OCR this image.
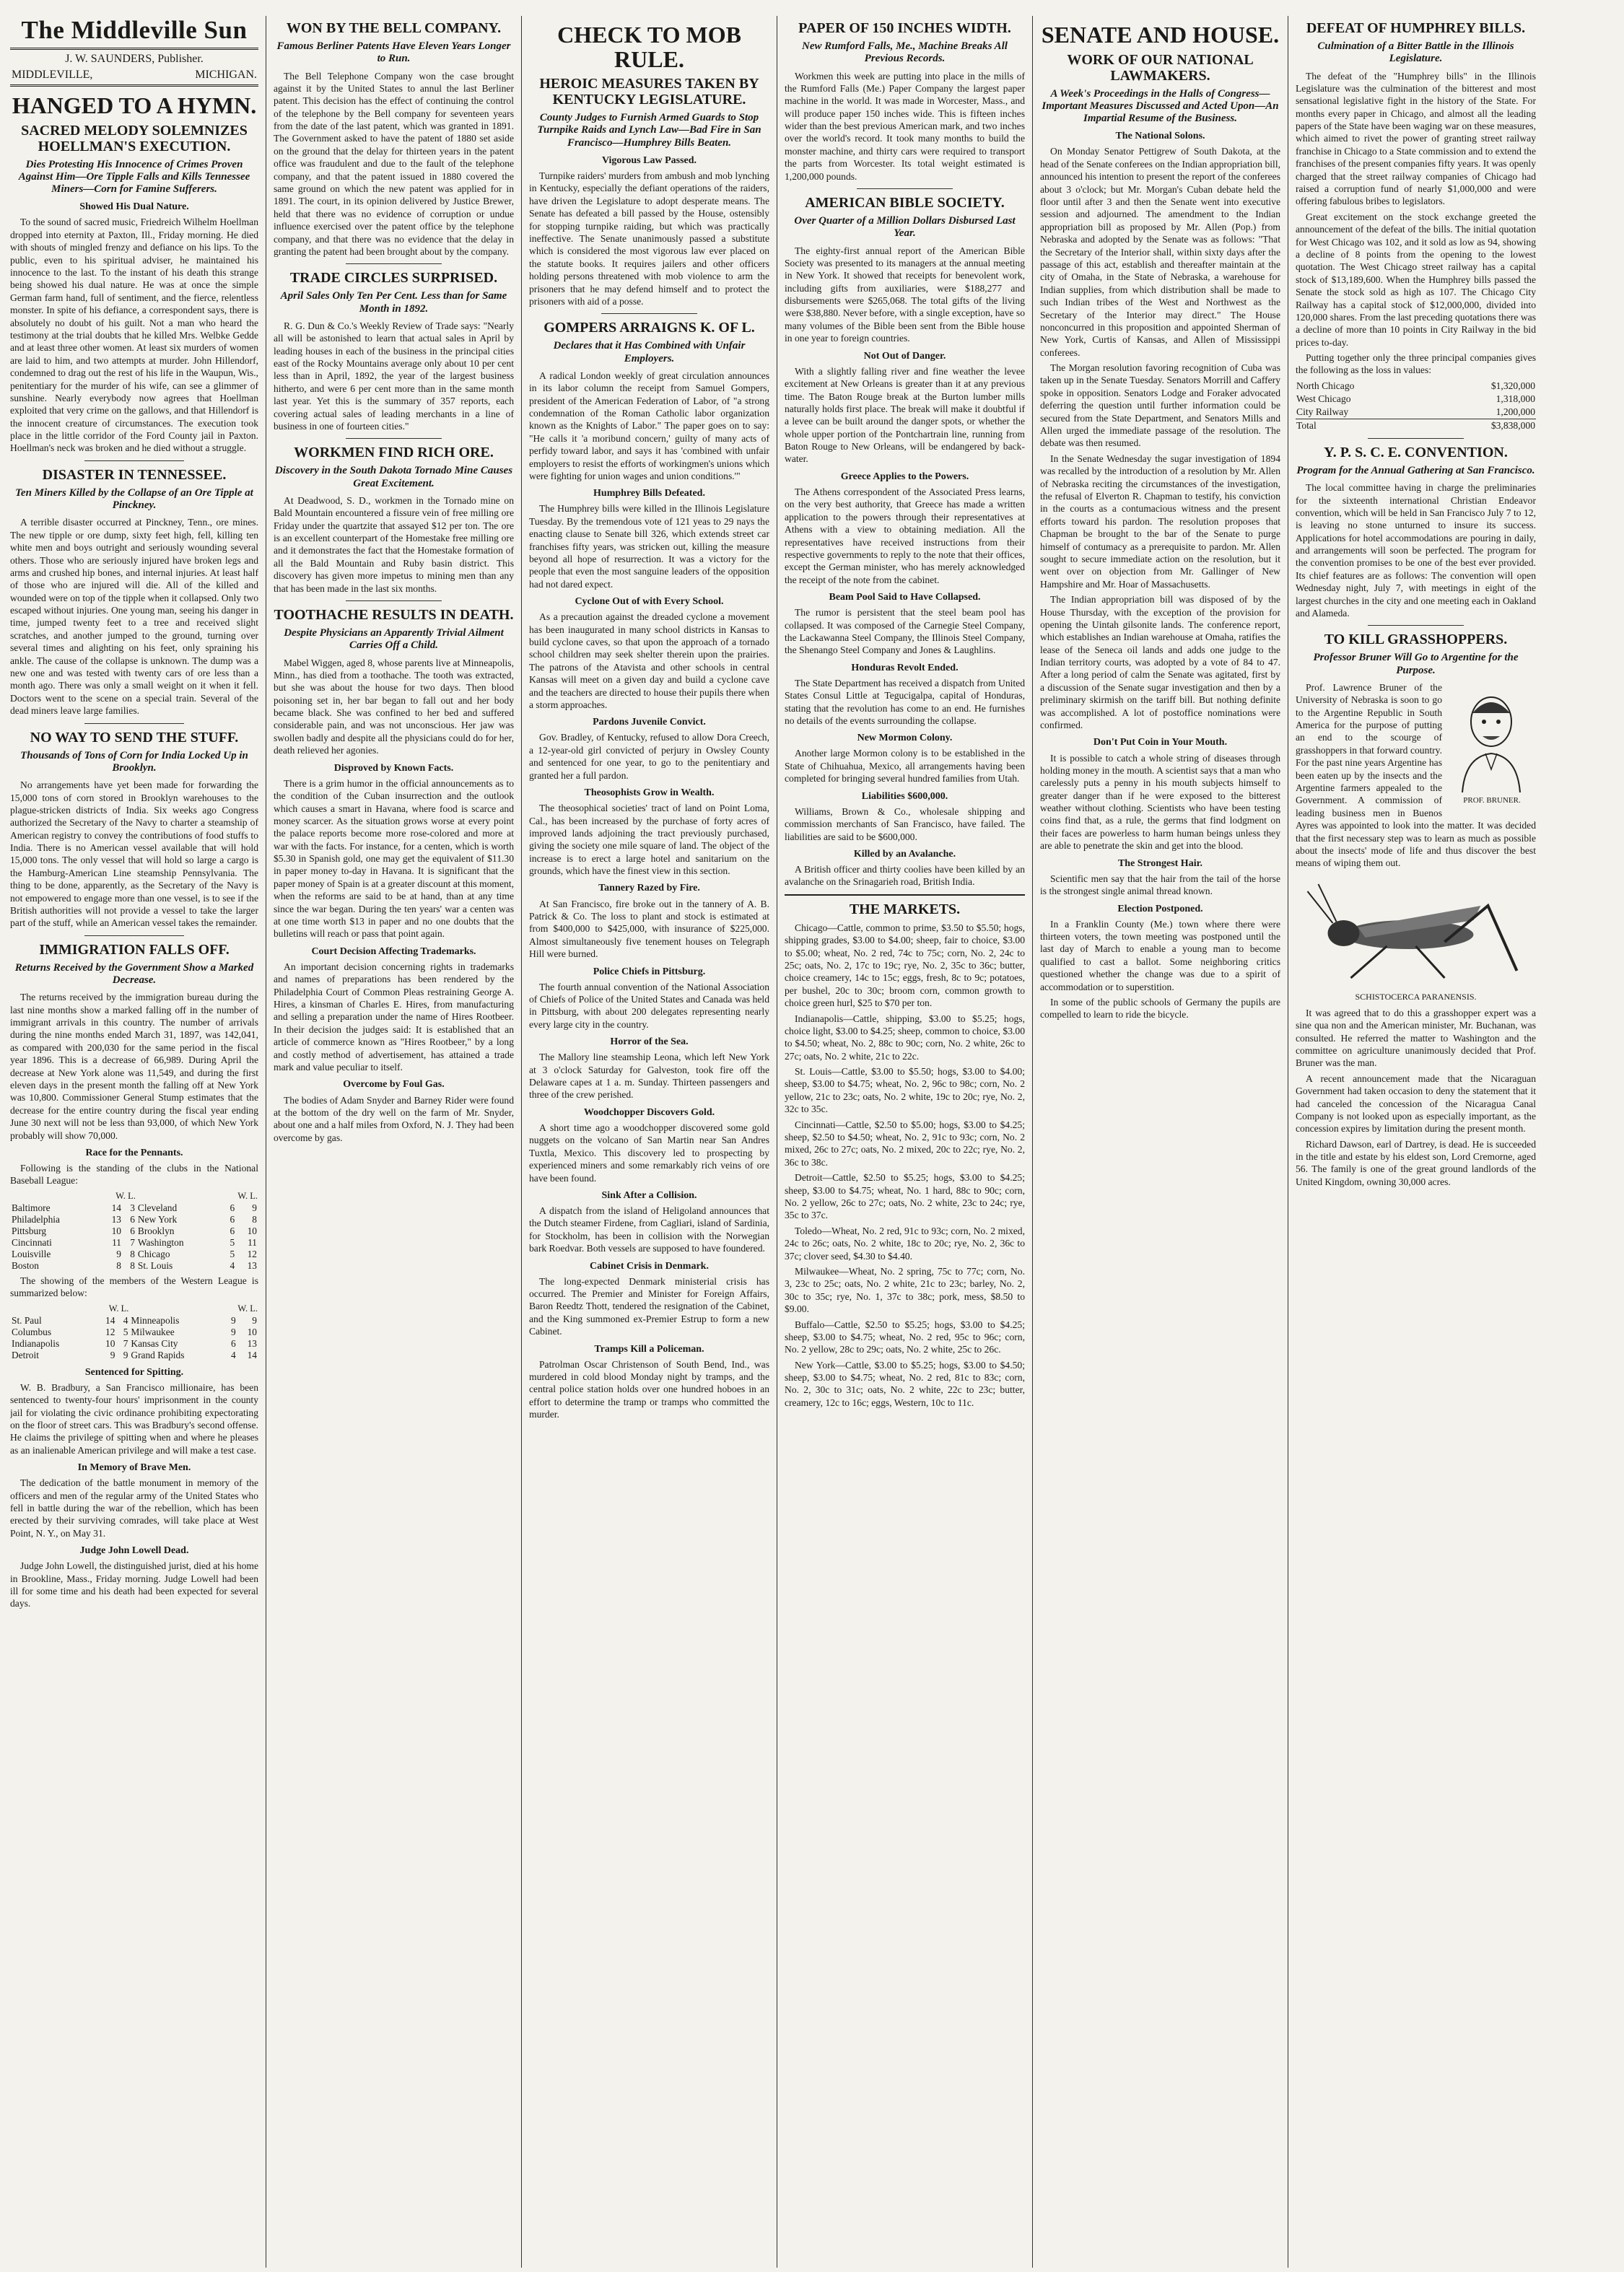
The Middleville Sun
J. W. SAUNDERS, Publisher.
MIDDLEVILLE,	MICHIGAN.
HANGED TO A HYMN.
SACRED MELODY SOLEMNIZES HOELLMAN'S EXECUTION.
Dies Protesting His Innocence of Crimes Proven Against Him—Ore Tipple Falls and Kills Tennessee Miners—Corn for Famine Sufferers.
Showed His Dual Nature.

To the sound of sacred music, Friedreich Wilhelm Hoellman dropped into eternity at Paxton, Ill., Friday morning. He died with shouts of mingled frenzy and defiance on his lips. To the public, even to his spiritual adviser, he maintained his innocence to the last. To the instant of his death this strange being showed his dual nature. He was at once the simple German farm hand, full of sentiment, and the fierce, relentless monster. In spite of his defiance, a correspondent says, there is absolutely no doubt of his guilt. Not a man who heard the testimony at the trial doubts that he killed Mrs. Welbke Gedde and at least three other women. At least six murders of women are laid to him, and two attempts at murder. John Hillendorf, condemned to drag out the rest of his life in the Waupun, Wis., penitentiary for the murder of his wife, can see a glimmer of sunshine. Nearly everybody now agrees that Hoellman exploited that very crime on the gallows, and that Hillendorf is the innocent creature of circumstances. The execution took place in the little corridor of the Ford County jail in Paxton. Hoellman's neck was broken and he died without a struggle.

DISASTER IN TENNESSEE.
Ten Miners Killed by the Collapse of an Ore Tipple at Pinckney.

A terrible disaster occurred at Pinckney, Tenn., ore mines. The new tipple or ore dump, sixty feet high, fell, killing ten white men and boys outright and seriously wounding several others. Those who are seriously injured have broken legs and arms and crushed hip bones, and internal injuries. At least half of those who are injured will die. All of the killed and wounded were on top of the tipple when it collapsed. Only two escaped without injuries. One young man, seeing his danger in time, jumped twenty feet to a tree and received slight scratches, and another jumped to the ground, turning over several times and alighting on his feet, only spraining his ankle. The cause of the collapse is unknown. The dump was a new one and was tested with twenty cars of ore less than a month ago. There was only a small weight on it when it fell. Doctors went to the scene on a special train. Several of the dead miners leave large families.

NO WAY TO SEND THE STUFF.
Thousands of Tons of Corn for India Locked Up in Brooklyn.

No arrangements have yet been made for forwarding the 15,000 tons of corn stored in Brooklyn warehouses to the plague-stricken districts of India. Six weeks ago Congress authorized the Secretary of the Navy to charter a steamship of American registry to convey the contributions of food stuffs to India. There is no American vessel available that will hold 15,000 tons. The only vessel that will hold so large a cargo is the Hamburg-American Line steamship Pennsylvania. The thing to be done, apparently, as the Secretary of the Navy is not empowered to engage more than one vessel, is to see if the British authorities will not provide a vessel to take the larger part of the stuff, while an American vessel takes the remainder.

IMMIGRATION FALLS OFF.
Returns Received by the Government Show a Marked Decrease.

The returns received by the immigration bureau during the last nine months show a marked falling off in the number of immigrant arrivals in this country. The number of arrivals during the nine months ended March 31, 1897, was 142,041, as compared with 200,030 for the same period in the fiscal year 1896. This is a decrease of 66,989. During April the decrease at New York alone was 11,549, and during the first eleven days in the present month the falling off at New York was 10,800. Commissioner General Stump estimates that the decrease for the entire country during the fiscal year ending June 30 next will not be less than 93,000, of which New York probably will show 70,000.

Race for the Pennants.

Following is the standing of the clubs in the National Baseball League:

W. L.			W. L.		
Baltimore	14	3	Cleveland	6	9
Philadelphia	13	6	New York	6	8
Pittsburg	10	6	Brooklyn	6	10
Cincinnati	11	7	Washington	5	11
Louisville	9	8	Chicago	5	12
Boston	8	8	St. Louis	4	13

The showing of the members of the Western League is summarized below:

W. L.			W. L.		
St. Paul	14	4	Minneapolis	9	9
Columbus	12	5	Milwaukee	9	10
Indianapolis	10	7	Kansas City	6	13
Detroit	9	9	Grand Rapids	4	14
Sentenced for Spitting.

W. B. Bradbury, a San Francisco millionaire, has been sentenced to twenty-four hours' imprisonment in the county jail for violating the civic ordinance prohibiting expectorating on the floor of street cars. This was Bradbury's second offense. He claims the privilege of spitting when and where he pleases as an inalienable American privilege and will make a test case.

In Memory of Brave Men.

The dedication of the battle monument in memory of the officers and men of the regular army of the United States who fell in battle during the war of the rebellion, which has been erected by their surviving comrades, will take place at West Point, N. Y., on May 31.

Judge John Lowell Dead.

Judge John Lowell, the distinguished jurist, died at his home in Brookline, Mass., Friday morning. Judge Lowell had been ill for some time and his death had been expected for several days.

WON BY THE BELL COMPANY.
Famous Berliner Patents Have Eleven Years Longer to Run.

The Bell Telephone Company won the case brought against it by the United States to annul the last Berliner patent. This decision has the effect of continuing the control of the telephone by the Bell company for seventeen years from the date of the last patent, which was granted in 1891. The Government asked to have the patent of 1880 set aside on the ground that the delay for thirteen years in the patent office was fraudulent and due to the fault of the telephone company, and that the patent issued in 1880 covered the same ground on which the new patent was applied for in 1891. The court, in its opinion delivered by Justice Brewer, held that there was no evidence of corruption or undue influence exercised over the patent office by the telephone company, and that there was no evidence that the delay in granting the patent had been brought about by the company.

TRADE CIRCLES SURPRISED.
April Sales Only Ten Per Cent. Less than for Same Month in 1892.

R. G. Dun & Co.'s Weekly Review of Trade says: "Nearly all will be astonished to learn that actual sales in April by leading houses in each of the business in the principal cities east of the Rocky Mountains average only about 10 per cent less than in April, 1892, the year of the largest business hitherto, and were 6 per cent more than in the same month last year. Yet this is the summary of 357 reports, each covering actual sales of leading merchants in a line of business in one of fourteen cities."

WORKMEN FIND RICH ORE.
Discovery in the South Dakota Tornado Mine Causes Great Excitement.

At Deadwood, S. D., workmen in the Tornado mine on Bald Mountain encountered a fissure vein of free milling ore Friday under the quartzite that assayed $12 per ton. The ore is an excellent counterpart of the Homestake free milling ore and it demonstrates the fact that the Homestake formation of all the Bald Mountain and Ruby basin district. This discovery has given more impetus to mining men than any that has been made in the last six months.

TOOTHACHE RESULTS IN DEATH.
Despite Physicians an Apparently Trivial Ailment Carries Off a Child.

Mabel Wiggen, aged 8, whose parents live at Minneapolis, Minn., has died from a toothache. The tooth was extracted, but she was about the house for two days. Then blood poisoning set in, her bar began to fall out and her body became black. She was confined to her bed and suffered considerable pain, and was not unconscious. Her jaw was swollen badly and despite all the physicians could do for her, death relieved her agonies.

Disproved by Known Facts.

There is a grim humor in the official announcements as to the condition of the Cuban insurrection and the outlook which causes a smart in Havana, where food is scarce and money scarcer. As the situation grows worse at every point the palace reports become more rose-colored and more at war with the facts. For instance, for a centen, which is worth $5.30 in Spanish gold, one may get the equivalent of $11.30 in paper money to-day in Havana. It is significant that the paper money of Spain is at a greater discount at this moment, when the reforms are said to be at hand, than at any time since the war began. During the ten years' war a centen was at one time worth $13 in paper and no one doubts that the bulletins will reach or pass that point again.

Court Decision Affecting Trademarks.

An important decision concerning rights in trademarks and names of preparations has been rendered by the Philadelphia Court of Common Pleas restraining George A. Hires, a kinsman of Charles E. Hires, from manufacturing and selling a preparation under the name of Hires Rootbeer. In their decision the judges said: It is established that an article of commerce known as "Hires Rootbeer," by a long and costly method of advertisement, has attained a trade mark and value peculiar to itself.

Overcome by Foul Gas.

The bodies of Adam Snyder and Barney Rider were found at the bottom of the dry well on the farm of Mr. Snyder, about one and a half miles from Oxford, N. J. They had been overcome by gas.

CHECK TO MOB RULE.
HEROIC MEASURES TAKEN BY KENTUCKY LEGISLATURE.
County Judges to Furnish Armed Guards to Stop Turnpike Raids and Lynch Law—Bad Fire in San Francisco—Humphrey Bills Beaten.
Vigorous Law Passed.

Turnpike raiders' murders from ambush and mob lynching in Kentucky, especially the defiant operations of the raiders, have driven the Legislature to adopt desperate means. The Senate has defeated a bill passed by the House, ostensibly for stopping turnpike raiding, but which was practically ineffective. The Senate unanimously passed a substitute which is considered the most vigorous law ever placed on the statute books. It requires jailers and other officers holding persons threatened with mob violence to arm the prisoners that he may defend himself and to protect the prisoners with aid of a posse.

GOMPERS ARRAIGNS K. OF L.
Declares that it Has Combined with Unfair Employers.

A radical London weekly of great circulation announces in its labor column the receipt from Samuel Gompers, president of the American Federation of Labor, of "a strong condemnation of the Roman Catholic labor organization known as the Knights of Labor." The paper goes on to say: "He calls it 'a moribund concern,' guilty of many acts of perfidy toward labor, and says it has 'combined with unfair employers to resist the efforts of workingmen's unions which were fighting for union wages and union conditions.'"

Humphrey Bills Defeated.

The Humphrey bills were killed in the Illinois Legislature Tuesday. By the tremendous vote of 121 yeas to 29 nays the enacting clause to Senate bill 326, which extends street car franchises fifty years, was stricken out, killing the measure beyond all hope of resurrection. It was a victory for the people that even the most sanguine leaders of the opposition had not dared expect.

Cyclone Out of with Every School.

As a precaution against the dreaded cyclone a movement has been inaugurated in many school districts in Kansas to build cyclone caves, so that upon the approach of a tornado school children may seek shelter therein upon the prairies. The patrons of the Atavista and other schools in central Kansas will meet on a given day and build a cyclone cave and the teachers are directed to house their pupils there when a storm approaches.

Pardons Juvenile Convict.

Gov. Bradley, of Kentucky, refused to allow Dora Creech, a 12-year-old girl convicted of perjury in Owsley County and sentenced for one year, to go to the penitentiary and granted her a full pardon.

Theosophists Grow in Wealth.

The theosophical societies' tract of land on Point Loma, Cal., has been increased by the purchase of forty acres of improved lands adjoining the tract previously purchased, giving the society one mile square of land. The object of the increase is to erect a large hotel and sanitarium on the grounds, which have the finest view in this section.

Tannery Razed by Fire.

At San Francisco, fire broke out in the tannery of A. B. Patrick & Co. The loss to plant and stock is estimated at from $400,000 to $425,000, with insurance of $225,000. Almost simultaneously five tenement houses on Telegraph Hill were burned.

Police Chiefs in Pittsburg.

The fourth annual convention of the National Association of Chiefs of Police of the United States and Canada was held in Pittsburg, with about 200 delegates representing nearly every large city in the country.

Horror of the Sea.

The Mallory line steamship Leona, which left New York at 3 o'clock Saturday for Galveston, took fire off the Delaware capes at 1 a. m. Sunday. Thirteen passengers and three of the crew perished.

Woodchopper Discovers Gold.

A short time ago a woodchopper discovered some gold nuggets on the volcano of San Martin near San Andres Tuxtla, Mexico. This discovery led to prospecting by experienced miners and some remarkably rich veins of ore have been found.

Sink After a Collision.

A dispatch from the island of Heligoland announces that the Dutch steamer Firdene, from Cagliari, island of Sardinia, for Stockholm, has been in collision with the Norwegian bark Roedvar. Both vessels are supposed to have foundered.

Cabinet Crisis in Denmark.

The long-expected Denmark ministerial crisis has occurred. The Premier and Minister for Foreign Affairs, Baron Reedtz Thott, tendered the resignation of the Cabinet, and the King summoned ex-Premier Estrup to form a new Cabinet.

Tramps Kill a Policeman.

Patrolman Oscar Christenson of South Bend, Ind., was murdered in cold blood Monday night by tramps, and the central police station holds over one hundred hoboes in an effort to determine the tramp or tramps who committed the murder.

PAPER OF 150 INCHES WIDTH.
New Rumford Falls, Me., Machine Breaks All Previous Records.

Workmen this week are putting into place in the mills of the Rumford Falls (Me.) Paper Company the largest paper machine in the world. It was made in Worcester, Mass., and will produce paper 150 inches wide. This is fifteen inches wider than the best previous American mark, and two inches over the world's record. It took many months to build the monster machine, and thirty cars were required to transport the parts from Worcester. Its total weight estimated is 1,200,000 pounds.

AMERICAN BIBLE SOCIETY.
Over Quarter of a Million Dollars Disbursed Last Year.

The eighty-first annual report of the American Bible Society was presented to its managers at the annual meeting in New York. It showed that receipts for benevolent work, including gifts from auxiliaries, were $188,277 and disbursements were $265,068. The total gifts of the living were $38,880. Never before, with a single exception, have so many volumes of the Bible been sent from the Bible house in one year to foreign countries.

Not Out of Danger.

With a slightly falling river and fine weather the levee excitement at New Orleans is greater than it at any previous time. The Baton Rouge break at the Burton lumber mills naturally holds first place. The break will make it doubtful if a levee can be built around the danger spots, or whether the whole upper portion of the Pontchartrain line, running from Baton Rouge to New Orleans, will be endangered by back-water.

Greece Applies to the Powers.

The Athens correspondent of the Associated Press learns, on the very best authority, that Greece has made a written application to the powers through their representatives at Athens with a view to obtaining mediation. All the representatives have received instructions from their respective governments to reply to the note that their offices, except the German minister, who has merely acknowledged the receipt of the note from the cabinet.

Beam Pool Said to Have Collapsed.

The rumor is persistent that the steel beam pool has collapsed. It was composed of the Carnegie Steel Company, the Lackawanna Steel Company, the Illinois Steel Company, the Shenango Steel Company and Jones & Laughlins.

Honduras Revolt Ended.

The State Department has received a dispatch from United States Consul Little at Tegucigalpa, capital of Honduras, stating that the revolution has come to an end. He furnishes no details of the events surrounding the collapse.

New Mormon Colony.

Another large Mormon colony is to be established in the State of Chihuahua, Mexico, all arrangements having been completed for bringing several hundred families from Utah.

Liabilities $600,000.

Williams, Brown & Co., wholesale shipping and commission merchants of San Francisco, have failed. The liabilities are said to be $600,000.

Killed by an Avalanche.

A British officer and thirty coolies have been killed by an avalanche on the Srinagarieh road, British India.

THE MARKETS.

Chicago—Cattle, common to prime, $3.50 to $5.50; hogs, shipping grades, $3.00 to $4.00; sheep, fair to choice, $3.00 to $5.00; wheat, No. 2 red, 74c to 75c; corn, No. 2, 24c to 25c; oats, No. 2, 17c to 19c; rye, No. 2, 35c to 36c; butter, choice creamery, 14c to 15c; eggs, fresh, 8c to 9c; potatoes, per bushel, 20c to 30c; broom corn, common growth to choice green hurl, $25 to $70 per ton.

Indianapolis—Cattle, shipping, $3.00 to $5.25; hogs, choice light, $3.00 to $4.25; sheep, common to choice, $3.00 to $4.50; wheat, No. 2, 88c to 90c; corn, No. 2 white, 26c to 27c; oats, No. 2 white, 21c to 22c.

St. Louis—Cattle, $3.00 to $5.50; hogs, $3.00 to $4.00; sheep, $3.00 to $4.75; wheat, No. 2, 96c to 98c; corn, No. 2 yellow, 21c to 23c; oats, No. 2 white, 19c to 20c; rye, No. 2, 32c to 35c.

Cincinnati—Cattle, $2.50 to $5.00; hogs, $3.00 to $4.25; sheep, $2.50 to $4.50; wheat, No. 2, 91c to 93c; corn, No. 2 mixed, 26c to 27c; oats, No. 2 mixed, 20c to 22c; rye, No. 2, 36c to 38c.

Detroit—Cattle, $2.50 to $5.25; hogs, $3.00 to $4.25; sheep, $3.00 to $4.75; wheat, No. 1 hard, 88c to 90c; corn, No. 2 yellow, 26c to 27c; oats, No. 2 white, 23c to 24c; rye, 35c to 37c.

Toledo—Wheat, No. 2 red, 91c to 93c; corn, No. 2 mixed, 24c to 26c; oats, No. 2 white, 18c to 20c; rye, No. 2, 36c to 37c; clover seed, $4.30 to $4.40.

Milwaukee—Wheat, No. 2 spring, 75c to 77c; corn, No. 3, 23c to 25c; oats, No. 2 white, 21c to 23c; barley, No. 2, 30c to 35c; rye, No. 1, 37c to 38c; pork, mess, $8.50 to $9.00.

Buffalo—Cattle, $2.50 to $5.25; hogs, $3.00 to $4.25; sheep, $3.00 to $4.75; wheat, No. 2 red, 95c to 96c; corn, No. 2 yellow, 28c to 29c; oats, No. 2 white, 25c to 26c.

New York—Cattle, $3.00 to $5.25; hogs, $3.00 to $4.50; sheep, $3.00 to $4.75; wheat, No. 2 red, 81c to 83c; corn, No. 2, 30c to 31c; oats, No. 2 white, 22c to 23c; butter, creamery, 12c to 16c; eggs, Western, 10c to 11c.

SENATE AND HOUSE.
WORK OF OUR NATIONAL LAWMAKERS.
A Week's Proceedings in the Halls of Congress—Important Measures Discussed and Acted Upon—An Impartial Resume of the Business.
The National Solons.

On Monday Senator Pettigrew of South Dakota, at the head of the Senate conferees on the Indian appropriation bill, announced his intention to present the report of the conferees about 3 o'clock; but Mr. Morgan's Cuban debate held the floor until after 3 and then the Senate went into executive session and adjourned. The amendment to the Indian appropriation bill as proposed by Mr. Allen (Pop.) from Nebraska and adopted by the Senate was as follows: "That the Secretary of the Interior shall, within sixty days after the passage of this act, establish and thereafter maintain at the city of Omaha, in the State of Nebraska, a warehouse for Indian supplies, from which distribution shall be made to such Indian tribes of the West and Northwest as the Secretary of the Interior may direct." The House nonconcurred in this proposition and appointed Sherman of New York, Curtis of Kansas, and Allen of Mississippi conferees.

The Morgan resolution favoring recognition of Cuba was taken up in the Senate Tuesday. Senators Morrill and Caffery spoke in opposition. Senators Lodge and Foraker advocated deferring the question until further information could be secured from the State Department, and Senators Mills and Allen urged the immediate passage of the resolution. The debate was then resumed.

In the Senate Wednesday the sugar investigation of 1894 was recalled by the introduction of a resolution by Mr. Allen of Nebraska reciting the circumstances of the investigation, the refusal of Elverton R. Chapman to testify, his conviction in the courts as a contumacious witness and the present efforts toward his pardon. The resolution proposes that Chapman be brought to the bar of the Senate to purge himself of contumacy as a prerequisite to pardon. Mr. Allen sought to secure immediate action on the resolution, but it went over on objection from Mr. Gallinger of New Hampshire and Mr. Hoar of Massachusetts.

The Indian appropriation bill was disposed of by the House Thursday, with the exception of the provision for opening the Uintah gilsonite lands. The conference report, which establishes an Indian warehouse at Omaha, ratifies the lease of the Seneca oil lands and adds one judge to the Indian territory courts, was adopted by a vote of 84 to 47. After a long period of calm the Senate was agitated, first by a discussion of the Senate sugar investigation and then by a preliminary skirmish on the tariff bill. But nothing definite was accomplished. A lot of postoffice nominations were confirmed.

Don't Put Coin in Your Mouth.

It is possible to catch a whole string of diseases through holding money in the mouth. A scientist says that a man who carelessly puts a penny in his mouth subjects himself to greater danger than if he were exposed to the bitterest weather without clothing. Scientists who have been testing coins find that, as a rule, the germs that find lodgment on their faces are powerless to harm human beings unless they are able to penetrate the skin and get into the blood.

The Strongest Hair.

Scientific men say that the hair from the tail of the horse is the strongest single animal thread known.

Election Postponed.

In a Franklin County (Me.) town where there were thirteen voters, the town meeting was postponed until the last day of March to enable a young man to become qualified to cast a ballot. Some neighboring critics questioned whether the change was due to a spirit of accommodation or to superstition.

In some of the public schools of Germany the pupils are compelled to learn to ride the bicycle.

DEFEAT OF HUMPHREY BILLS.
Culmination of a Bitter Battle in the Illinois Legislature.

The defeat of the "Humphrey bills" in the Illinois Legislature was the culmination of the bitterest and most sensational legislative fight in the history of the State. For months every paper in Chicago, and almost all the leading papers of the State have been waging war on these measures, which aimed to rivet the power of granting street railway franchise in Chicago to a State commission and to extend the franchises of the present companies fifty years. It was openly charged that the street railway companies of Chicago had raised a corruption fund of nearly $1,000,000 and were offering fabulous bribes to legislators.

Great excitement on the stock exchange greeted the announcement of the defeat of the bills. The initial quotation for West Chicago was 102, and it sold as low as 94, showing a decline of 8 points from the opening to the lowest quotation. The West Chicago street railway has a capital stock of $13,189,600. When the Humphrey bills passed the Senate the stock sold as high as 107. The Chicago City Railway has a capital stock of $12,000,000, divided into 120,000 shares. From the last preceding quotations there was a decline of more than 10 points in City Railway in the bid prices to-day.

Putting together only the three principal companies gives the following as the loss in values:

North Chicago	$1,320,000
West Chicago	1,318,000
City Railway	1,200,000
Total	$3,838,000
Y. P. S. C. E. CONVENTION.
Program for the Annual Gathering at San Francisco.

The local committee having in charge the preliminaries for the sixteenth international Christian Endeavor convention, which will be held in San Francisco July 7 to 12, is leaving no stone unturned to insure its success. Applications for hotel accommodations are pouring in daily, and arrangements will soon be perfected. The program for the convention promises to be one of the best ever provided. Its chief features are as follows: The convention will open Wednesday night, July 7, with meetings in eight of the largest churches in the city and one meeting each in Oakland and Alameda.

TO KILL GRASSHOPPERS.
Professor Bruner Will Go to Argentine for the Purpose.
PROF. BRUNER.

Prof. Lawrence Bruner of the University of Nebraska is soon to go to the Argentine Republic in South America for the purpose of putting an end to the scourge of grasshoppers in that forward country. For the past nine years Argentine has been eaten up by the insects and the Argentine farmers appealed to the Government. A commission of leading business men in Buenos Ayres was appointed to look into the matter. It was decided that the first necessary step was to learn as much as possible about the insects' mode of life and thus discover the best means of wiping them out.

SCHISTOCERCA PARANENSIS.

It was agreed that to do this a grasshopper expert was a sine qua non and the American minister, Mr. Buchanan, was consulted. He referred the matter to Washington and the committee on agriculture unanimously decided that Prof. Bruner was the man.

A recent announcement made that the Nicaraguan Government had taken occasion to deny the statement that it had canceled the concession of the Nicaragua Canal Company is not looked upon as especially important, as the concession expires by limitation during the present month.

Richard Dawson, earl of Dartrey, is dead. He is succeeded in the title and estate by his eldest son, Lord Cremorne, aged 56. The family is one of the great ground landlords of the United Kingdom, owning 30,000 acres.
